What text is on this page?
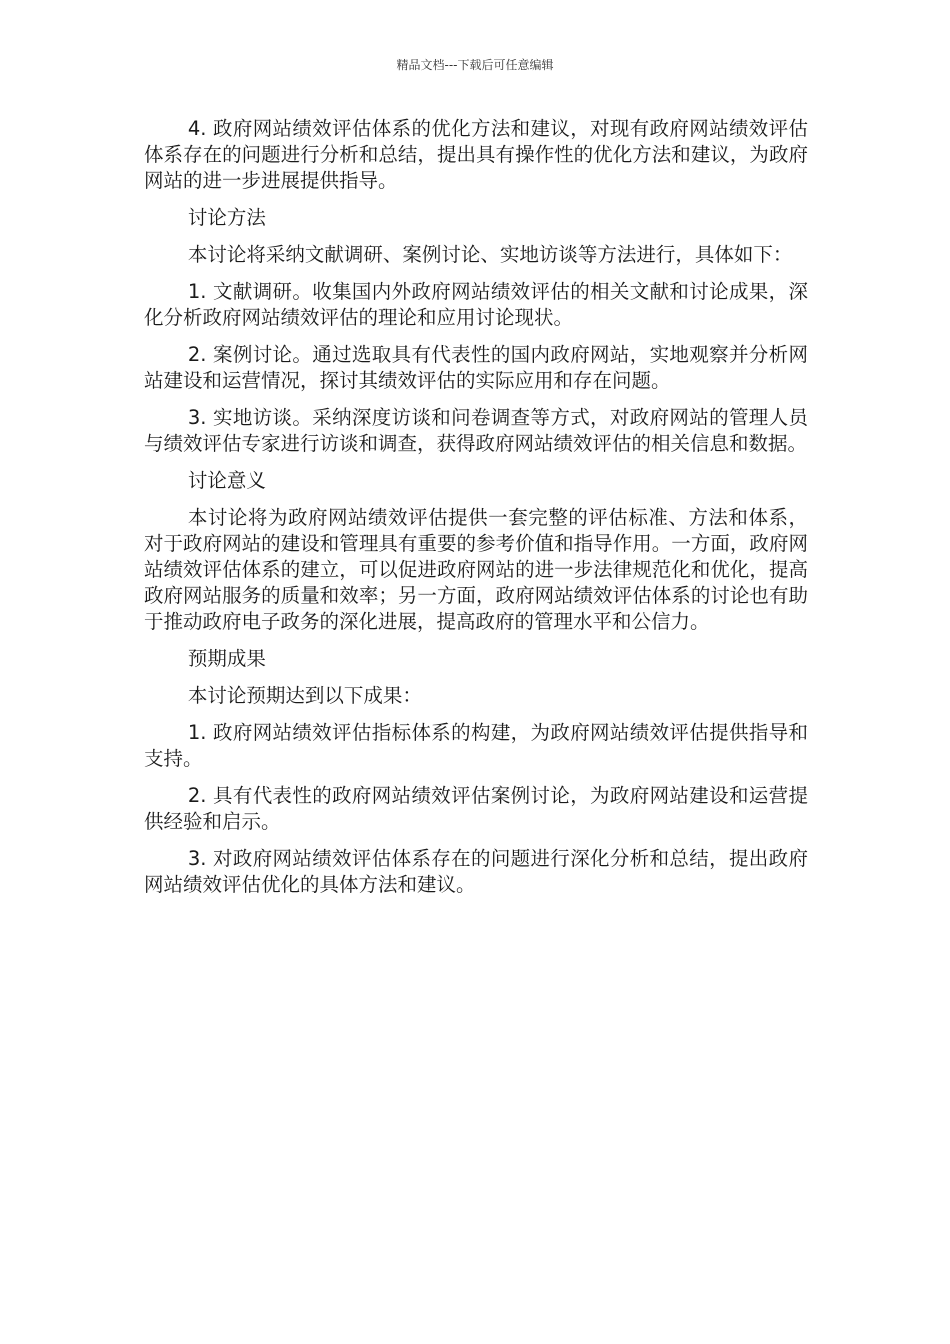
精品文档---下载后可任意编辑

4. 政府网站绩效评估体系的优化方法和建议，对现有政府网站绩效评估体系存在的问题进行分析和总结，提出具有操作性的优化方法和建议，为政府网站的进一步进展提供指导。

讨论方法

本讨论将采纳文献调研、案例讨论、实地访谈等方法进行，具体如下：

1. 文献调研。收集国内外政府网站绩效评估的相关文献和讨论成果，深化分析政府网站绩效评估的理论和应用讨论现状。

2. 案例讨论。通过选取具有代表性的国内政府网站，实地观察并分析网站建设和运营情况，探讨其绩效评估的实际应用和存在问题。

3. 实地访谈。采纳深度访谈和问卷调查等方式，对政府网站的管理人员与绩效评估专家进行访谈和调查，获得政府网站绩效评估的相关信息和数据。

讨论意义

本讨论将为政府网站绩效评估提供一套完整的评估标准、方法和体系，对于政府网站的建设和管理具有重要的参考价值和指导作用。一方面，政府网站绩效评估体系的建立，可以促进政府网站的进一步法律规范化和优化，提高政府网站服务的质量和效率；另一方面，政府网站绩效评估体系的讨论也有助于推动政府电子政务的深化进展，提高政府的管理水平和公信力。

预期成果

本讨论预期达到以下成果：

1. 政府网站绩效评估指标体系的构建，为政府网站绩效评估提供指导和支持。

2. 具有代表性的政府网站绩效评估案例讨论，为政府网站建设和运营提供经验和启示。

3. 对政府网站绩效评估体系存在的问题进行深化分析和总结，提出政府网站绩效评估优化的具体方法和建议。
